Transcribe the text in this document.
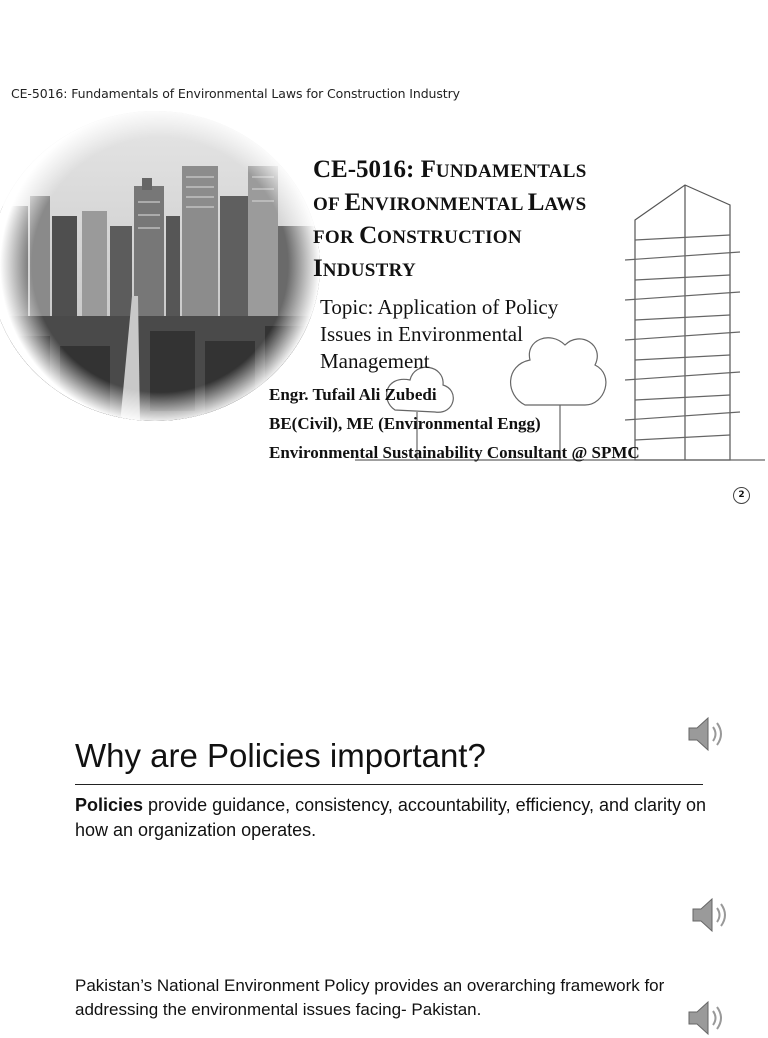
CE-5016: Fundamentals of Environmental Laws for Construction Industry
CE-5016: FUNDAMENTALS
OF ENVIRONMENTAL LAWS
FOR CONSTRUCTION
INDUSTRY
Topic: Application of Policy Issues in Environmental Management
Engr. Tufail Ali Zubedi
BE(Civil), ME (Environmental Engg)
Environmental Sustainability Consultant @ SPMC
2
Why are Policies important?
Policies provide guidance, consistency, accountability, efficiency, and clarity on how an organization operates.
Pakistan’s National Environment Policy provides an overarching framework for addressing the environmental issues facing- Pakistan.
